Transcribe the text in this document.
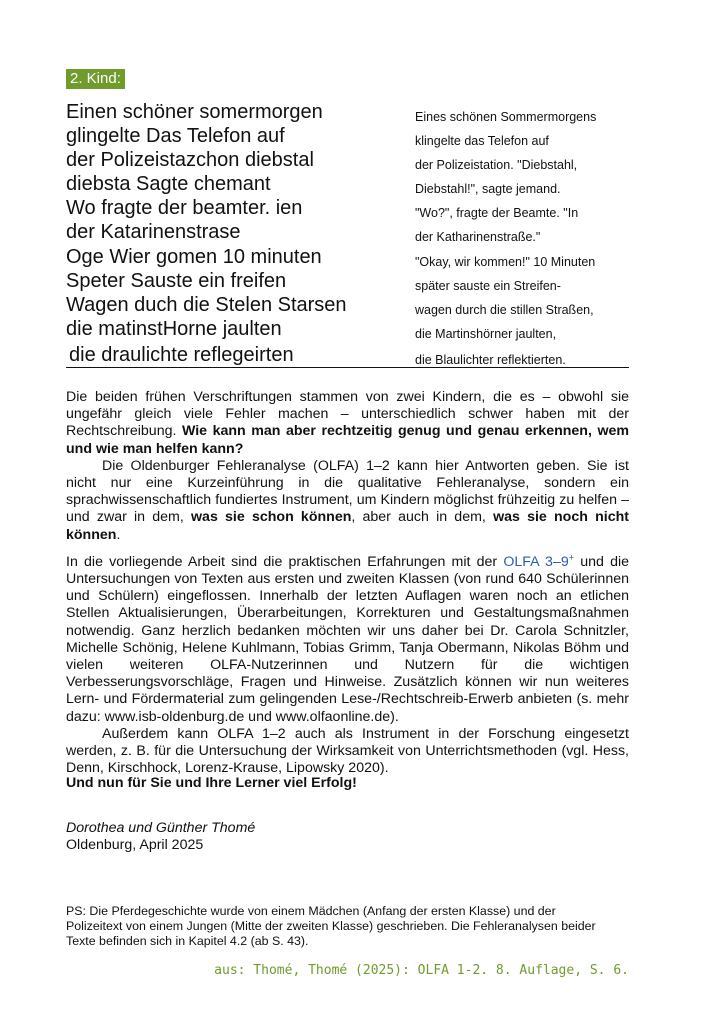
2. Kind:
Einen schöner somermorgen
glingelte Das Telefon auf
der Polizeistazchon diebstal
diebsta Sagte chemant
Wo fragte der beamter. ien
der Katarinenstrase
Oge Wier gomen 10 minuten
Speter Sauste ein freifen
Wagen duch die Stelen Starsen
die matinstHorne jaulten
die draulichte reflegeirten
Eines schönen Sommermorgens
klingelte das Telefon auf
der Polizeistation. "Diebstahl,
Diebstahl!", sagte jemand.
"Wo?", fragte der Beamte. "In
der Katharinenstraße."
"Okay, wir kommen!" 10 Minuten
später sauste ein Streifen-
wagen durch die stillen Straßen,
die Martinshörner jaulten,
die Blaulichter reflektierten.

Die beiden frühen Verschriftungen stammen von zwei Kindern, die es – obwohl sie ungefähr gleich viele Fehler machen – unterschiedlich schwer haben mit der Rechtschreibung. Wie kann man aber rechtzeitig genug und genau erkennen, wem und wie man helfen kann?

Die Oldenburger Fehleranalyse (OLFA) 1–2 kann hier Antworten geben. Sie ist nicht nur eine Kurzeinführung in die qualitative Fehleranalyse, sondern ein sprachwissenschaftlich fundiertes Instrument, um Kindern möglichst frühzeitig zu helfen – und zwar in dem, was sie schon können, aber auch in dem, was sie noch nicht können.

In die vorliegende Arbeit sind die praktischen Erfahrungen mit der OLFA 3–9+ und die Untersuchungen von Texten aus ersten und zweiten Klassen (von rund 640 Schülerinnen und Schülern) eingeflossen. Innerhalb der letzten Auflagen waren noch an etlichen Stellen Aktualisierungen, Überarbeitungen, Korrekturen und Gestaltungsmaßnahmen notwendig. Ganz herzlich bedanken möchten wir uns daher bei Dr. Carola Schnitzler, Michelle Schönig, Helene Kuhlmann, Tobias Grimm, Tanja Obermann, Nikolas Böhm und vielen weiteren OLFA-Nutzerinnen und Nutzern für die wichtigen Verbesserungsvorschläge, Fragen und Hinweise. Zusätzlich können wir nun weiteres Lern- und Fördermaterial zum gelingenden Lese-/Rechtschreib-Erwerb anbieten (s. mehr dazu: www.isb-oldenburg.de und www.olfaonline.de).

Außerdem kann OLFA 1–2 auch als Instrument in der Forschung eingesetzt werden, z. B. für die Untersuchung der Wirksamkeit von Unterrichtsmethoden (vgl. Hess, Denn, Kirschhock, Lorenz-Krause, Lipowsky 2020).

Und nun für Sie und Ihre Lerner viel Erfolg!
Dorothea und Günther Thomé
Oldenburg, April 2025
PS: Die Pferdegeschichte wurde von einem Mädchen (Anfang der ersten Klasse) und der Polizeitext von einem Jungen (Mitte der zweiten Klasse) geschrieben. Die Fehleranalysen beider Texte befinden sich in Kapitel 4.2 (ab S. 43).
aus: Thomé, Thomé (2025): OLFA 1-2. 8. Auflage, S. 6.
